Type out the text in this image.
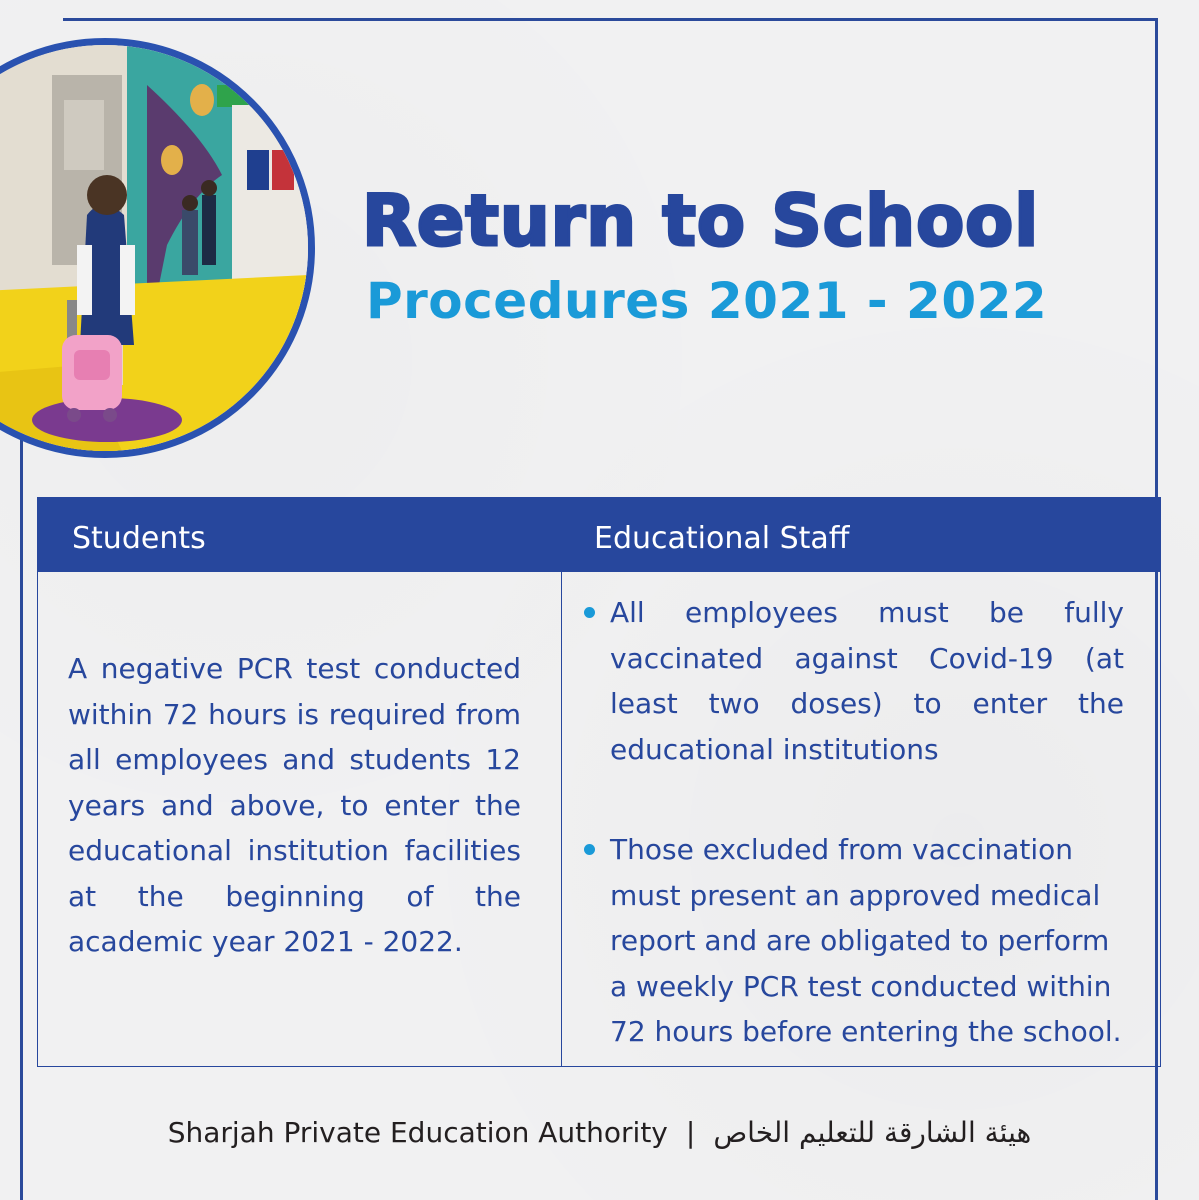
Return to School
Procedures 2021 - 2022
Students	Educational Staff

A negative PCR test conducted within 72 hours is required from all employees and students 12 years and above, to enter the educational institution facilities at the beginning of the academic year 2021 - 2022.

All employees must be fully vaccinated against Covid-19 (at least two doses) to enter the educational institutions

Those excluded from vaccination must present an approved medical report and are obligated to perform a weekly PCR test conducted within 72 hours before entering the school.

Sharjah Private Education Authority | هيئة الشارقة للتعليم الخاص
